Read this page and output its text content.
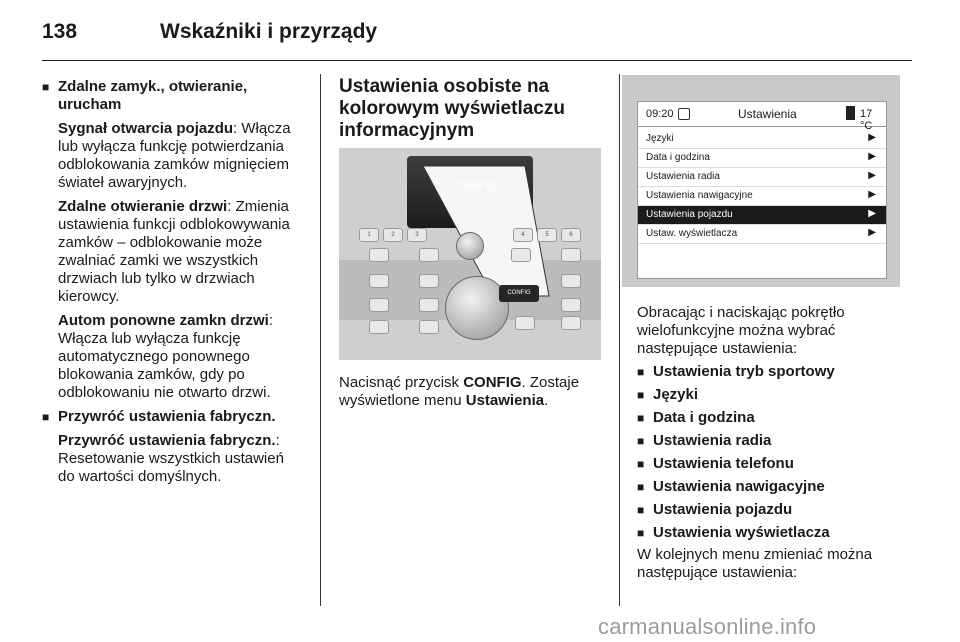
138	Wskaźniki i przyrządy
■ Zdalne zamyk., otwieranie,

urucham

Sygnał otwarcia pojazdu: Włącza

lub wyłącza funkcję potwierdzania

odblokowania zamków mignięciem

świateł awaryjnych.

Zdalne otwieranie drzwi: Zmienia

ustawienia funkcji odblokowywania

zamków – odblokowanie może

zwalniać zamki we wszystkich

drzwiach lub tylko w drzwiach

kierowcy.

Autom ponowne zamkn drzwi:

Włącza lub wyłącza funkcję

automatycznego ponownego

blokowania zamków, gdy po

odblokowaniu nie otwarto drzwi.

■ Przywróć ustawienia fabryczn.

Przywróć ustawienia fabryczn.:

Resetowanie wszystkich ustawień

do wartości domyślnych.

Ustawienia osobiste na

kolorowym wyświetlaczu

informacyjnym

CONFIG
1	2	3	4	5	6
CONFIG

Nacisnąć przycisk CONFIG. Zostaje

wyświetlone menu Ustawienia.

09:20	Ustawienia	17 °C
Języki	▶
Data i godzina	▶
Ustawienia radia	▶
Ustawienia nawigacyjne	▶
Ustawienia pojazdu	▶
Ustaw. wyświetlacza	▶

Obracając i naciskając pokrętło

wielofunkcyjne można wybrać

następujące ustawienia:

■ Ustawienia tryb sportowy
■ Języki
■ Data i godzina
■ Ustawienia radia
■ Ustawienia telefonu
■ Ustawienia nawigacyjne
■ Ustawienia pojazdu
■ Ustawienia wyświetlacza

W kolejnych menu zmieniać można

następujące ustawienia:

carmanualsonline.info
